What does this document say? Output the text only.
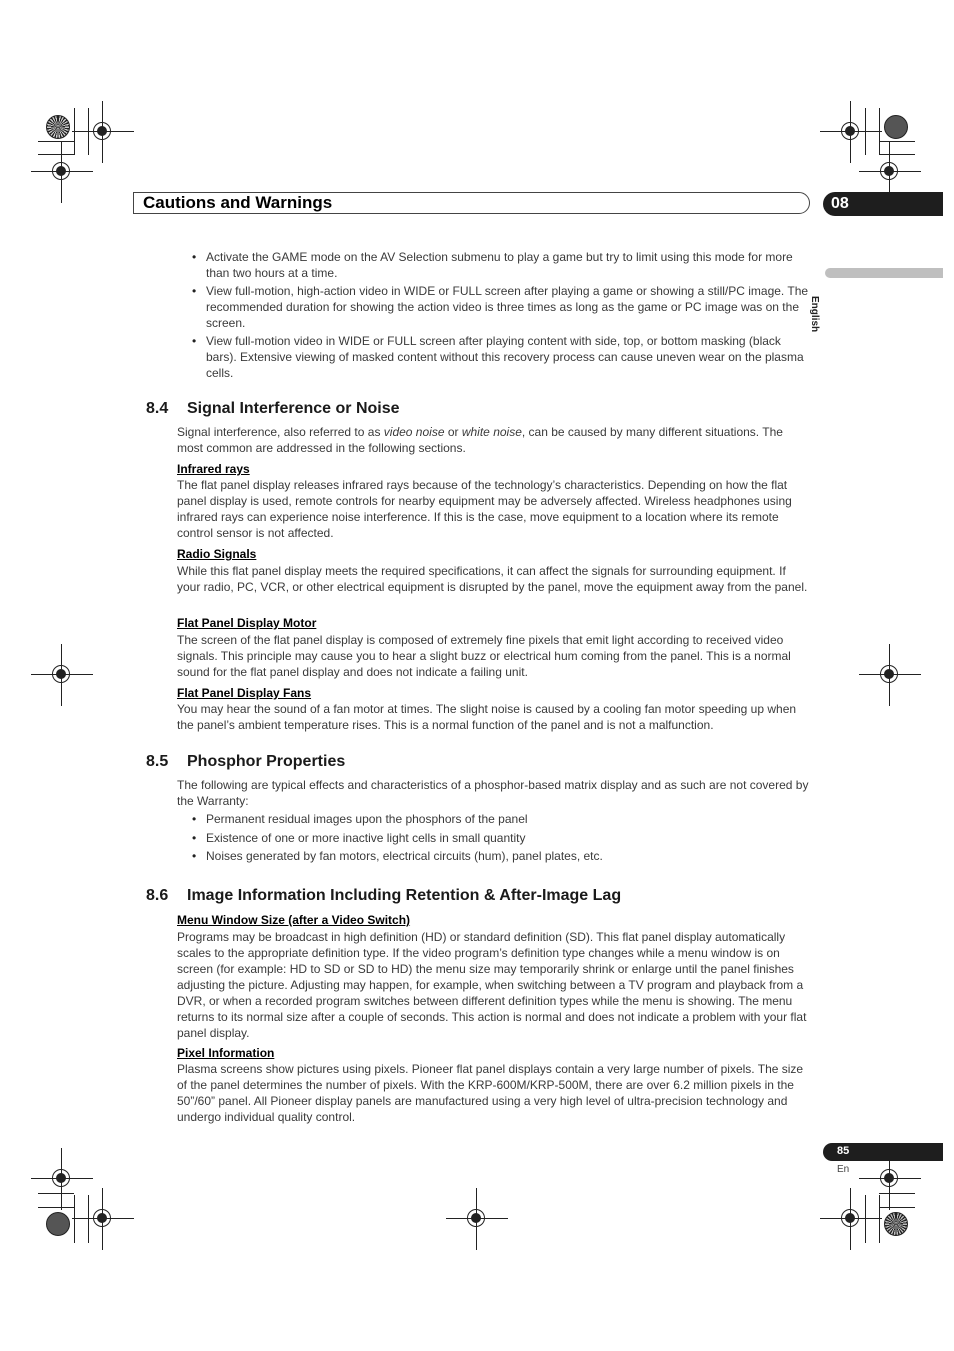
Cautions and Warnings	08
English
• Activate the GAME mode on the AV Selection submenu to play a game but try to limit using this mode for more than two hours at a time.
• View full-motion, high-action video in WIDE or FULL screen after playing a game or showing a still/PC image. The recommended duration for showing the action video is three times as long as the game or PC image was on the screen.
• View full-motion video in WIDE or FULL screen after playing content with side, top, or bottom masking (black bars). Extensive viewing of masked content without this recovery process can cause uneven wear on the plasma cells.
8.4 Signal Interference or Noise

Signal interference, also referred to as video noise or white noise, can be caused by many different situations. The most common are addressed in the following sections.

Infrared rays

The flat panel display releases infrared rays because of the technology’s characteristics. Depending on how the flat panel display is used, remote controls for nearby equipment may be adversely affected. Wireless headphones using infrared rays can experience noise interference. If this is the case, move equipment to a location where its remote control sensor is not affected.

Radio Signals

While this flat panel display meets the required specifications, it can affect the signals for surrounding equipment. If your radio, PC, VCR, or other electrical equipment is disrupted by the panel, move the equipment away from the panel.

Flat Panel Display Motor

The screen of the flat panel display is composed of extremely fine pixels that emit light according to received video signals. This principle may cause you to hear a slight buzz or electrical hum coming from the panel. This is a normal sound for the flat panel display and does not indicate a failing unit.

Flat Panel Display Fans

You may hear the sound of a fan motor at times. The slight noise is caused by a cooling fan motor speeding up when the panel’s ambient temperature rises. This is a normal function of the panel and is not a malfunction.

8.5 Phosphor Properties

The following are typical effects and characteristics of a phosphor-based matrix display and as such are not covered by the Warranty:

• Permanent residual images upon the phosphors of the panel
• Existence of one or more inactive light cells in small quantity
• Noises generated by fan motors, electrical circuits (hum), panel plates, etc.
8.6 Image Information Including Retention & After-Image Lag
Menu Window Size (after a Video Switch)

Programs may be broadcast in high definition (HD) or standard definition (SD). This flat panel display automatically scales to the appropriate definition type. If the video program’s definition type changes while a menu window is on screen (for example: HD to SD or SD to HD) the menu size may temporarily shrink or enlarge until the panel finishes adjusting the picture. Adjusting may happen, for example, when switching between a TV program and playback from a DVR, or when a recorded program switches between different definition types while the menu is showing. The menu returns to its normal size after a couple of seconds. This action is normal and does not indicate a problem with your flat panel display.

Pixel Information

Plasma screens show pictures using pixels. Pioneer flat panel displays contain a very large number of pixels. The size of the panel determines the number of pixels. With the KRP-600M/KRP-500M, there are over 6.2 million pixels in the 50”/60” panel. All Pioneer display panels are manufactured using a very high level of ultra-precision technology and undergo individual quality control.

85
En
